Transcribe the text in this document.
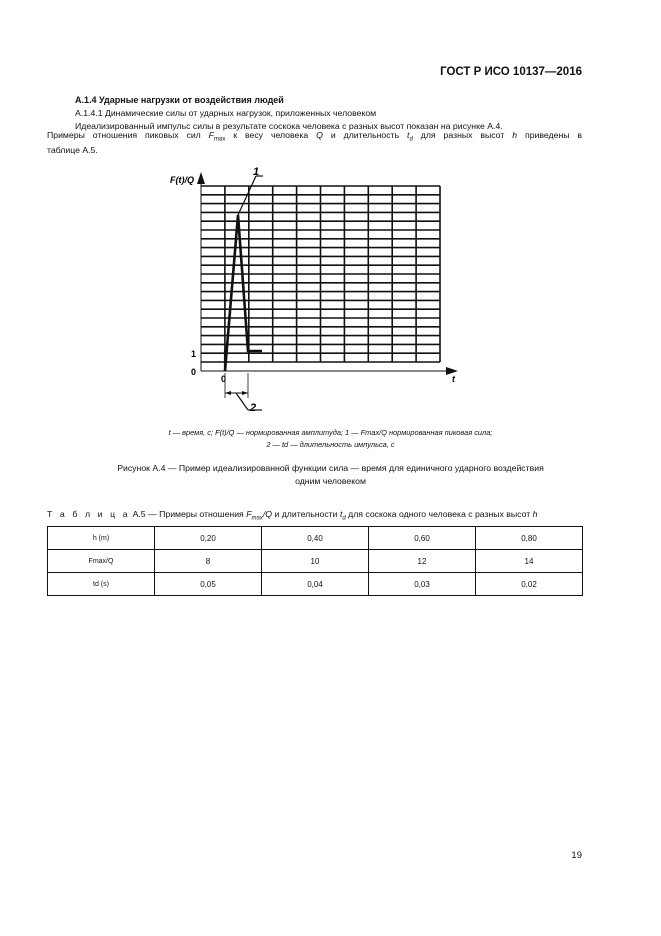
ГОСТ Р ИСО 10137—2016
А.1.4 Ударные нагрузки от воздействия людей
А.1.4.1 Динамические силы от ударных нагрузок, приложенных человеком
Идеализированный импульс силы в результате соскока человека с разных высот показан на рисунке А.4.
Примеры отношения пиковых сил $F_{max}$ к весу человека Q и длительность $t_d$ для разных высот h приведены в
таблице А.5.
1
F(t)/Q
1
0
0	t
2
t — время, c; F(t)/Q — нормированная амплитуда; 1 — Fmax/Q нормированная пиковая сила;
2 — td — длительность импульса, c
Рисунок А.4 — Пример идеализированной функции сила — время для единичного ударного воздействия
одним человеком
Т а б л и ц а А.5 — Примеры отношения $F_{max}/Q$ и длительности $t_d$ для соскока одного человека с разных высот h
h (m)	0,20	0,40	0,60	0,80
Fmax/Q	8	10	12	14
td (s)	0,05	0,04	0,03	0,02
19
